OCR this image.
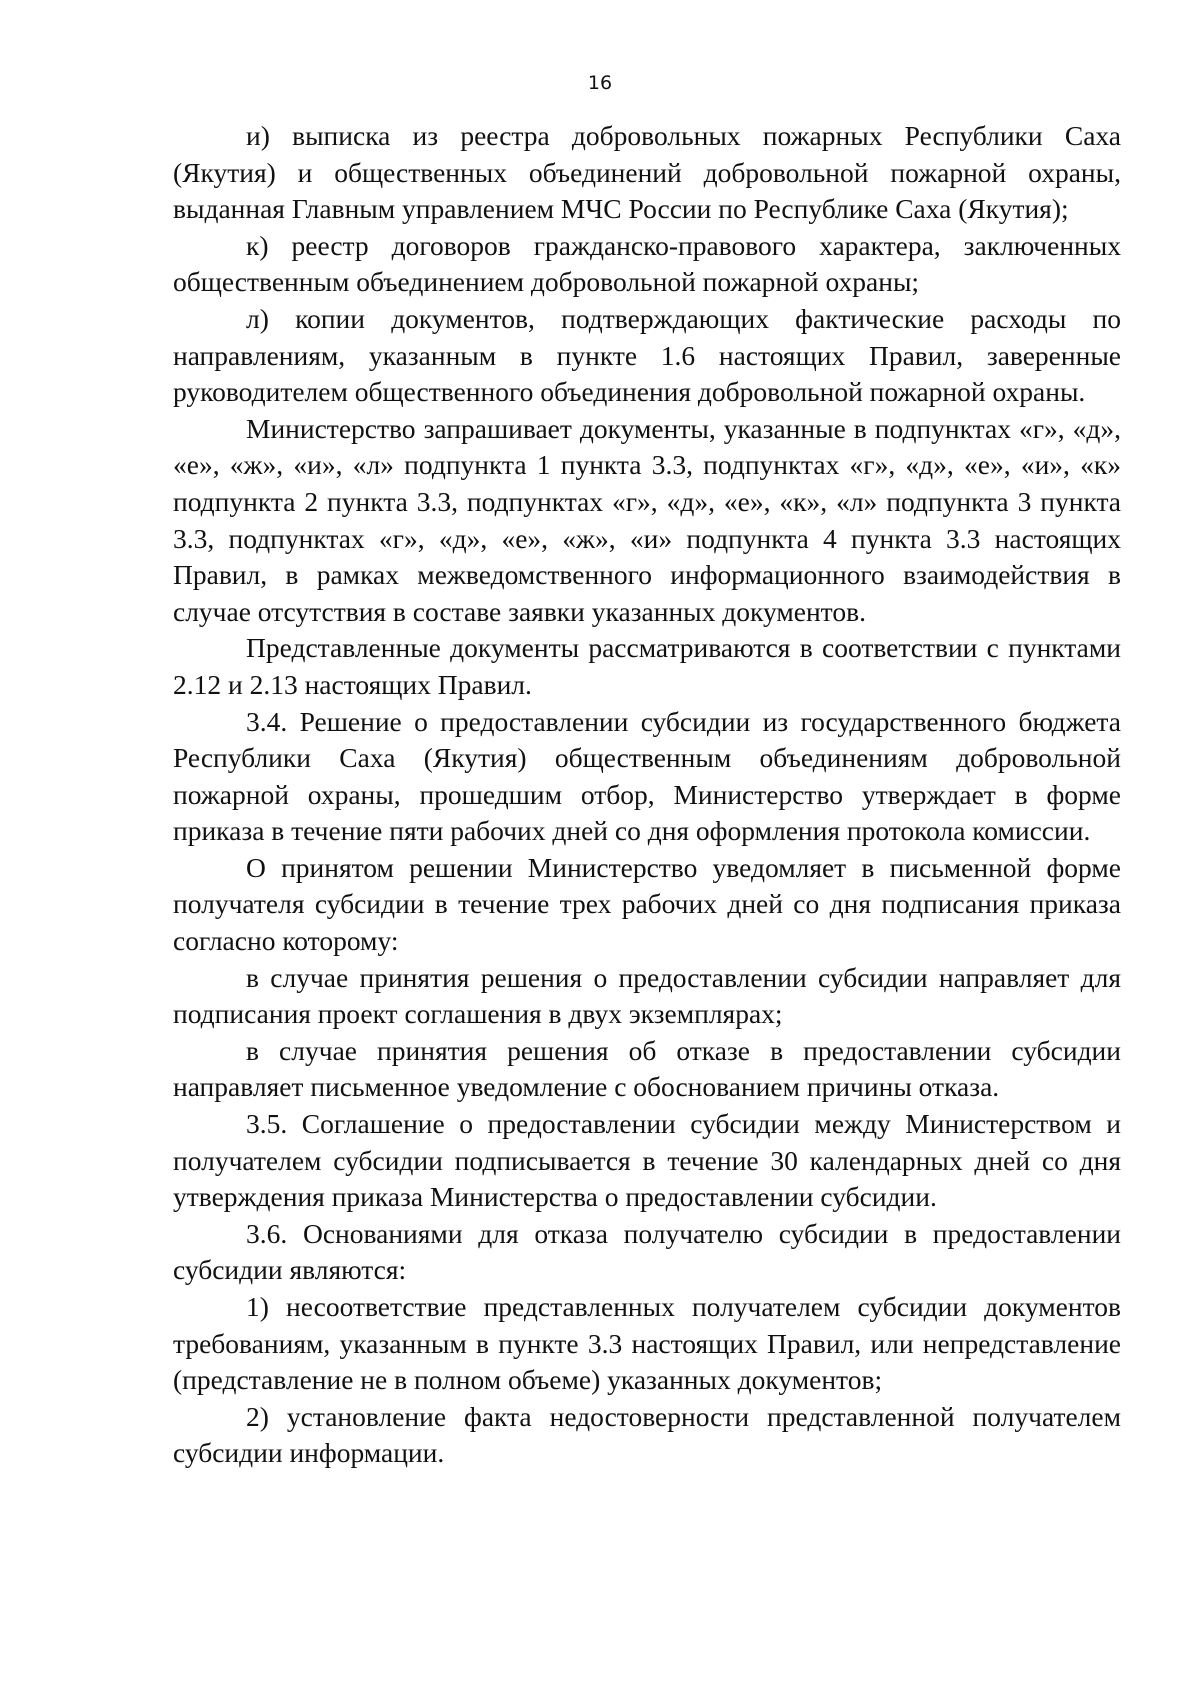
16

и) выписка из реестра добровольных пожарных Республики Саха (Якутия) и общественных объединений добровольной пожарной охраны, выданная Главным управлением МЧС России по Республике Саха (Якутия);

к) реестр договоров гражданско-правового характера, заключенных общественным объединением добровольной пожарной охраны;

л) копии документов, подтверждающих фактические расходы по направлениям, указанным в пункте 1.6 настоящих Правил, заверенные руководителем общественного объединения добровольной пожарной охраны.

Министерство запрашивает документы, указанные в подпунктах «г», «д», «е», «ж», «и», «л» подпункта 1 пункта 3.3, подпунктах «г», «д», «е», «и», «к» подпункта 2 пункта 3.3, подпунктах «г», «д», «е», «к», «л» подпункта 3 пункта 3.3, подпунктах «г», «д», «е», «ж», «и» подпункта 4 пункта 3.3 настоящих Правил, в рамках межведомственного информационного взаимодействия в случае отсутствия в составе заявки указанных документов.

Представленные документы рассматриваются в соответствии с пунктами 2.12 и 2.13 настоящих Правил.

3.4. Решение о предоставлении субсидии из государственного бюджета Республики Саха (Якутия) общественным объединениям добровольной пожарной охраны, прошедшим отбор, Министерство утверждает в форме приказа в течение пяти рабочих дней со дня оформления протокола комиссии.

О принятом решении Министерство уведомляет в письменной форме получателя субсидии в течение трех рабочих дней со дня подписания приказа согласно которому:

в случае принятия решения о предоставлении субсидии направляет для подписания проект соглашения в двух экземплярах;

в случае принятия решения об отказе в предоставлении субсидии направляет письменное уведомление с обоснованием причины отказа.

3.5. Соглашение о предоставлении субсидии между Министерством и получателем субсидии подписывается в течение 30 календарных дней со дня утверждения приказа Министерства о предоставлении субсидии.

3.6. Основаниями для отказа получателю субсидии в предоставлении субсидии являются:

1) несоответствие представленных получателем субсидии документов требованиям, указанным в пункте 3.3 настоящих Правил, или непредставление (представление не в полном объеме) указанных документов;

2) установление факта недостоверности представленной получателем субсидии информации.
